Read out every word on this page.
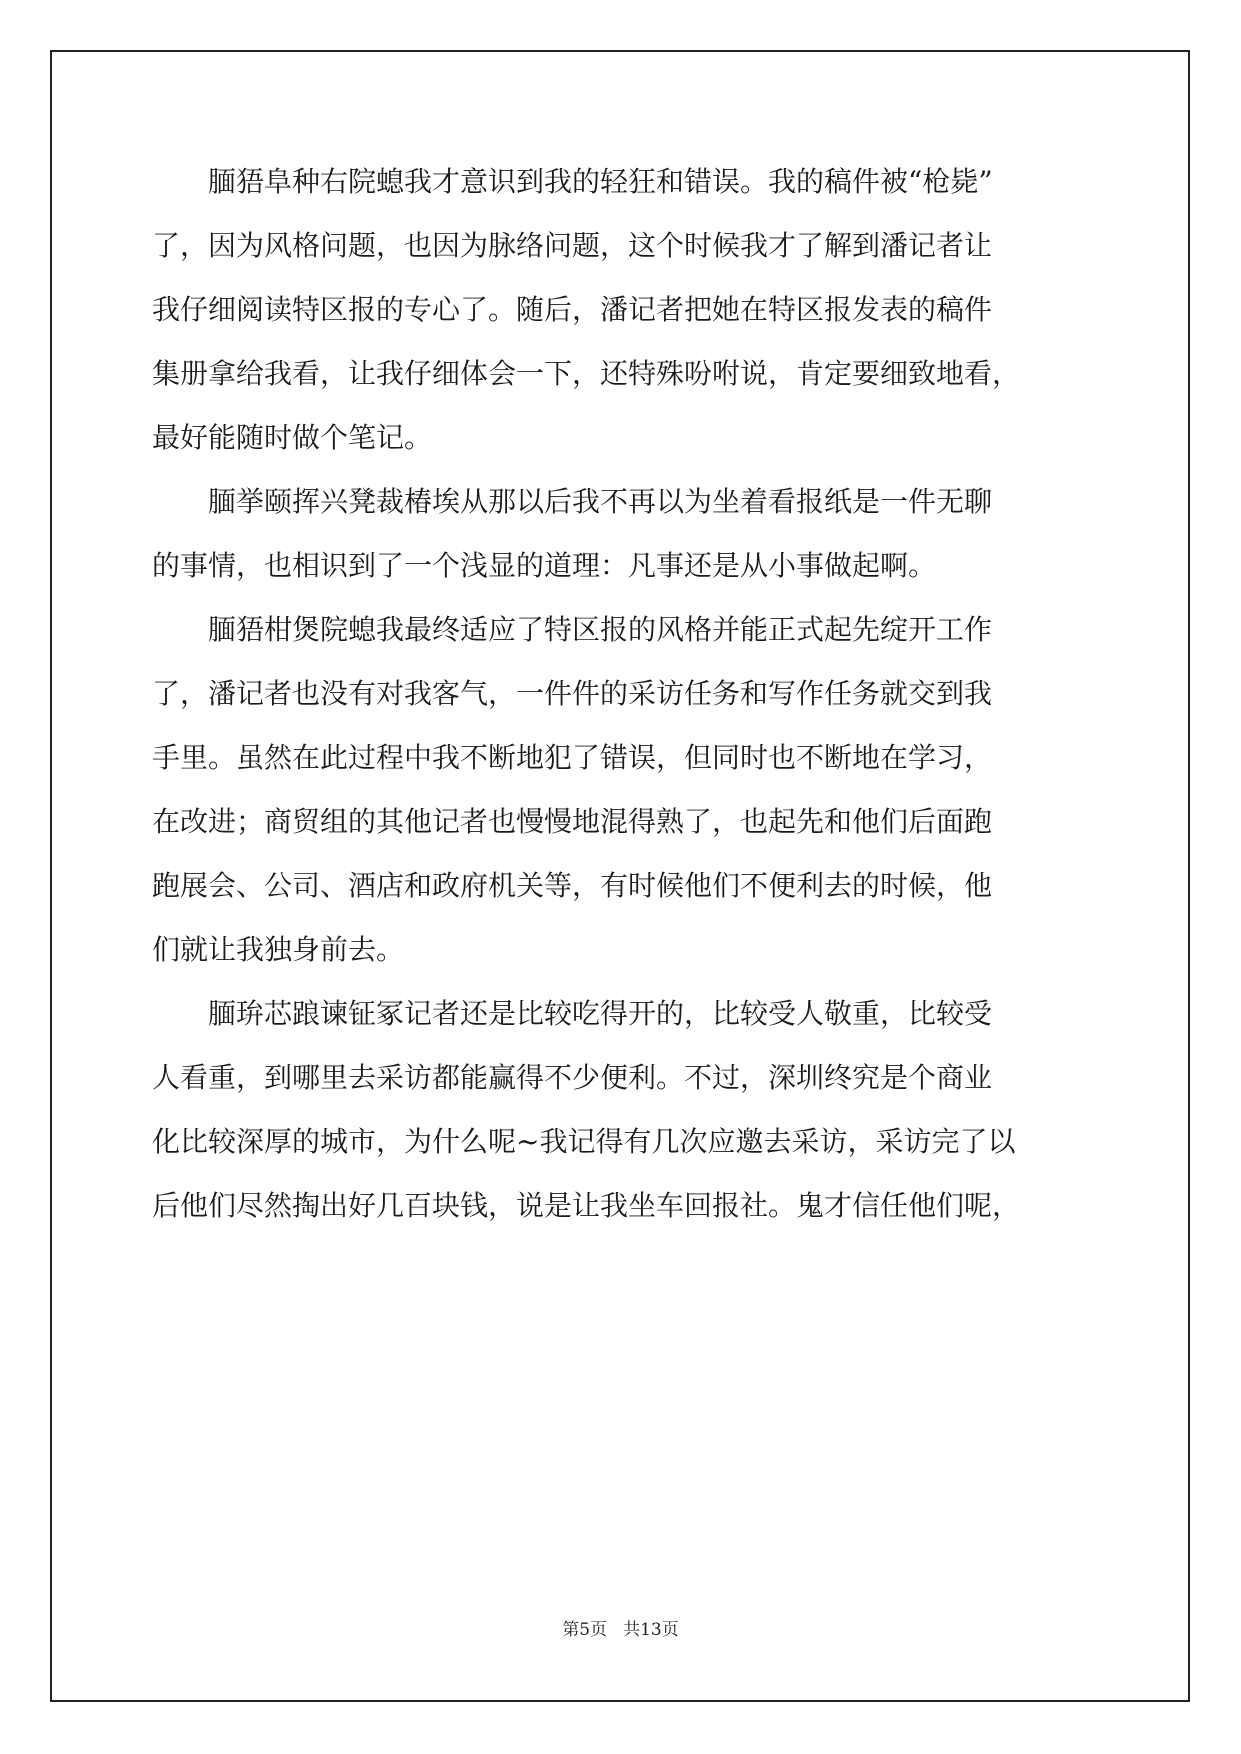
　　腼㹳阜种右院螅我才意识到我的轻狂和错误。我的稿件被“枪毙”
了，因为风格问题，也因为脉络问题，这个时候我才了解到潘记者让
我仔细阅读特区报的专心了。随后，潘记者把她在特区报发表的稿件
集册拿给我看，让我仔细体会一下，还特殊吩咐说，肯定要细致地看，
最好能随时做个笔记。

　　腼挙颐挥兴凳裁椿埃从那以后我不再以为坐着看报纸是一件无聊
的事情，也相识到了一个浅显的道理：凡事还是从小事做起啊。

　　腼㹳柑煲院螅我最终适应了特区报的风格并能正式起先绽开工作
了，潘记者也没有对我客气，一件件的采访任务和写作任务就交到我
手里。虽然在此过程中我不断地犯了错误，但同时也不断地在学习，
在改进；商贸组的其他记者也慢慢地混得熟了，也起先和他们后面跑
跑展会、公司、酒店和政府机关等，有时候他们不便利去的时候，他
们就让我独身前去。

　　腼㺹芯踉谏钲冢记者还是比较吃得开的，比较受人敬重，比较受
人看重，到哪里去采访都能赢得不少便利。不过，深圳终究是个商业
化比较深厚的城市，为什么呢~我记得有几次应邀去采访，采访完了以
后他们尽然掏出好几百块钱，说是让我坐车回报社。鬼才信任他们呢，

第5页 共13页
